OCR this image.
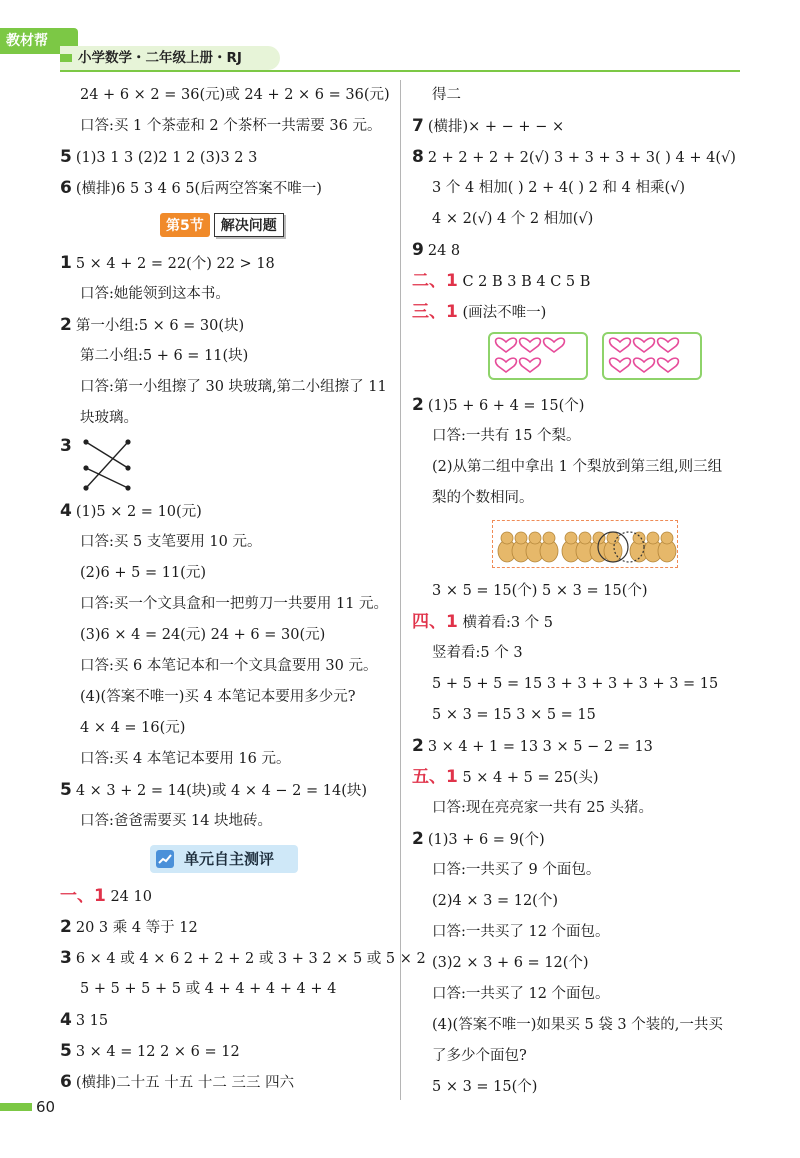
教材帮
小学数学・二年级上册・RJ
24 + 6 × 2 = 36(元)或 24 + 2 × 6 = 36(元)
口答:买 1 个茶壶和 2 个茶杯一共需要 36 元。
5 (1)3 1 3 (2)2 1 2 (3)3 2 3
6 (横排)6 5 3 4 6 5(后两空答案不唯一)
第5节	解决问题
1 5 × 4 + 2 = 22(个) 22 > 18
口答:她能领到这本书。
2 第一小组:5 × 6 = 30(块)
第二小组:5 + 6 = 11(块)
口答:第一小组擦了 30 块玻璃,第二小组擦了 11
块玻璃。
3
4 (1)5 × 2 = 10(元)
口答:买 5 支笔要用 10 元。
(2)6 + 5 = 11(元)
口答:买一个文具盒和一把剪刀一共要用 11 元。
(3)6 × 4 = 24(元) 24 + 6 = 30(元)
口答:买 6 本笔记本和一个文具盒要用 30 元。
(4)(答案不唯一)买 4 本笔记本要用多少元?
4 × 4 = 16(元)
口答:买 4 本笔记本要用 16 元。
5 4 × 3 + 2 = 14(块)或 4 × 4 − 2 = 14(块)
口答:爸爸需要买 14 块地砖。
单元自主测评
一、1 24 10
2 20 3 乘 4 等于 12
3 6 × 4 或 4 × 6 2 + 2 + 2 或 3 + 3 2 × 5 或 5 × 2
5 + 5 + 5 + 5 或 4 + 4 + 4 + 4 + 4
4 3 15
5 3 × 4 = 12 2 × 6 = 12
6 (横排)二十五 十五 十二 三三 四六
得二
7 (横排)× + − + − ×
8 2 + 2 + 2 + 2(√) 3 + 3 + 3 + 3( ) 4 + 4(√)
3 个 4 相加( ) 2 + 4( ) 2 和 4 相乘(√)
4 × 2(√) 4 个 2 相加(√)
9 24 8
二、1 C 2 B 3 B 4 C 5 B
三、1 (画法不唯一)
2 (1)5 + 6 + 4 = 15(个)
口答:一共有 15 个梨。
(2)从第二组中拿出 1 个梨放到第三组,则三组
梨的个数相同。
3 × 5 = 15(个) 5 × 3 = 15(个)
四、1 横着看:3 个 5
竖着看:5 个 3
5 + 5 + 5 = 15 3 + 3 + 3 + 3 + 3 = 15
5 × 3 = 15 3 × 5 = 15
2 3 × 4 + 1 = 13 3 × 5 − 2 = 13
五、1 5 × 4 + 5 = 25(头)
口答:现在亮亮家一共有 25 头猪。
2 (1)3 + 6 = 9(个)
口答:一共买了 9 个面包。
(2)4 × 3 = 12(个)
口答:一共买了 12 个面包。
(3)2 × 3 + 6 = 12(个)
口答:一共买了 12 个面包。
(4)(答案不唯一)如果买 5 袋 3 个装的,一共买
了多少个面包?
5 × 3 = 15(个)
60
